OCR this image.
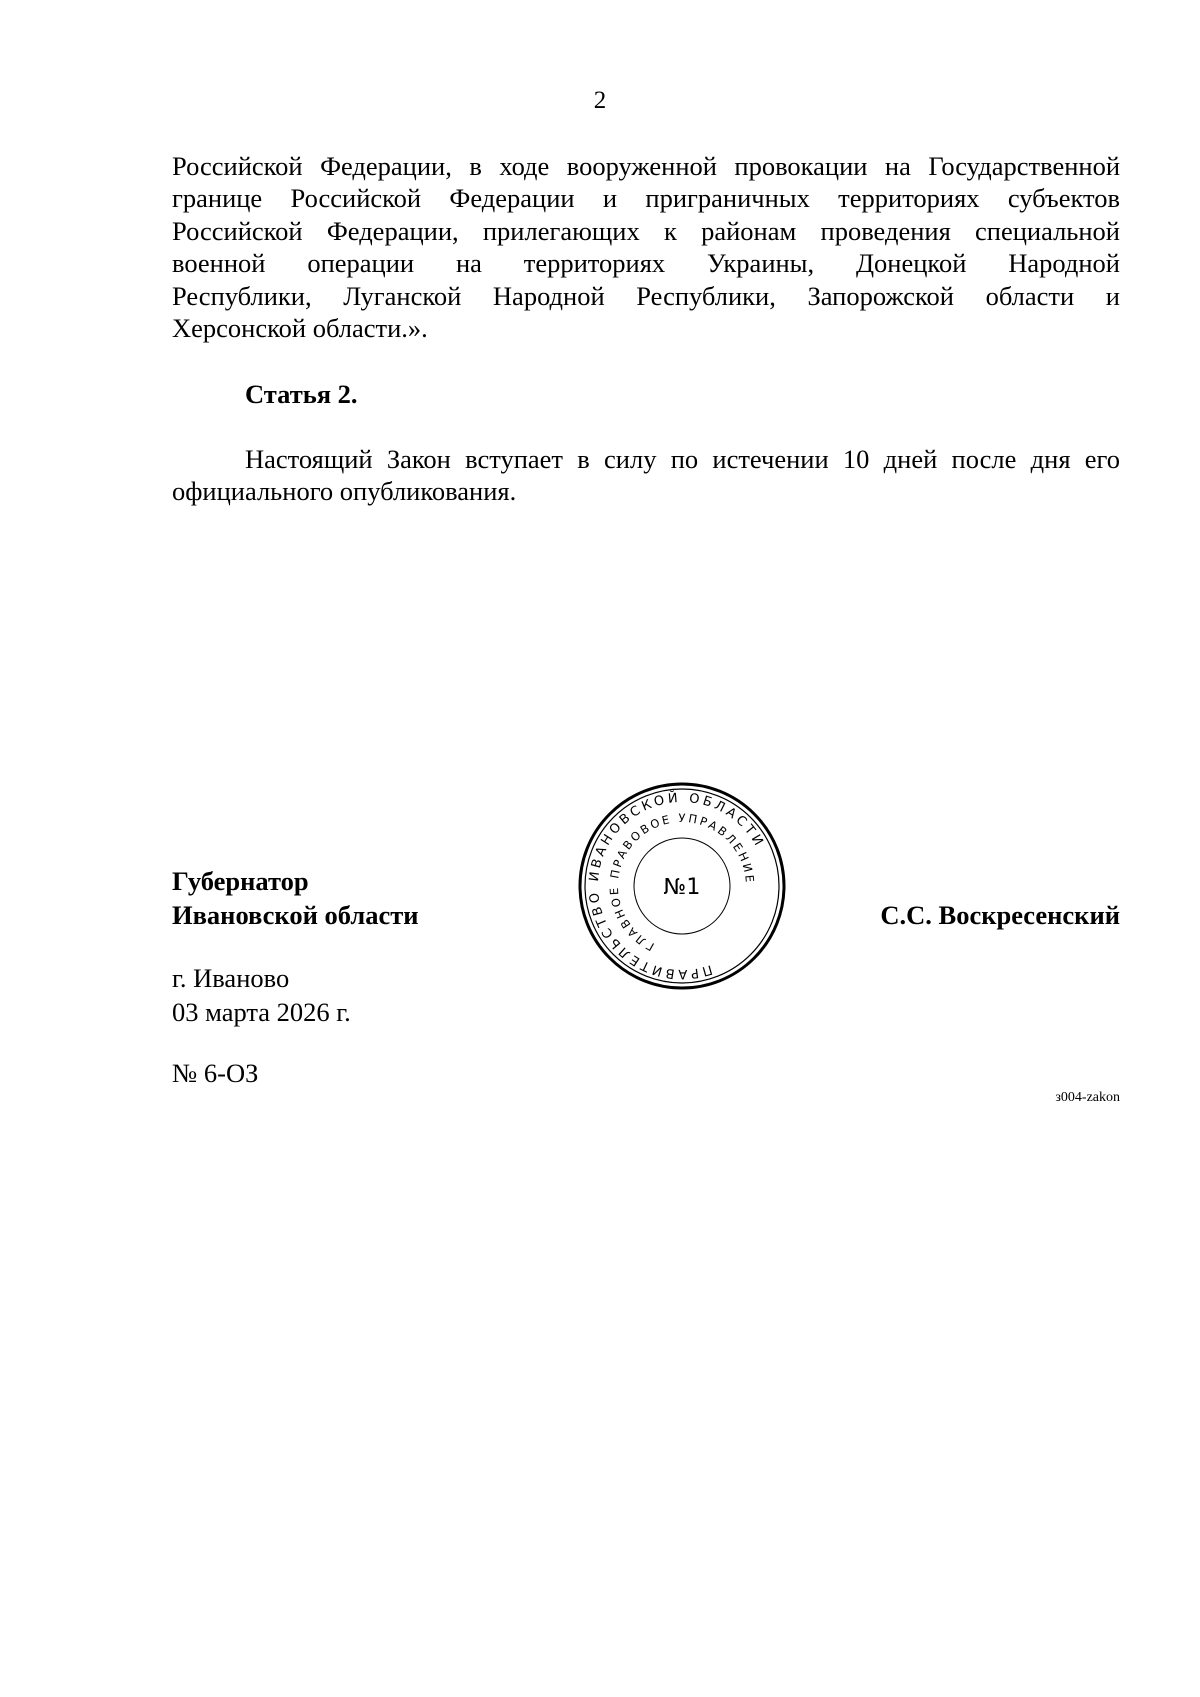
2
Российской Федерации, в ходе вооруженной провокации на Государственной
границе Российской Федерации и приграничных территориях субъектов
Российской Федерации, прилегающих к районам проведения специальной
военной операции на территориях Украины, Донецкой Народной
Республики, Луганской Народной Республики, Запорожской области и
Херсонской области.».
Статья 2.
Настоящий Закон вступает в силу по истечении 10 дней после дня его
официального опубликования.
Губернатор
Ивановской области	С.С. Воскресенский
ПРАВИТЕЛЬСТВО ИВАНОВСКОЙ ОБЛАСТИ
ГЛАВНОЕ ПРАВОВОЕ УПРАВЛЕНИЕ
№1
г. Иваново
03 марта 2026 г.
№ 6-ОЗ
з004-zakon
